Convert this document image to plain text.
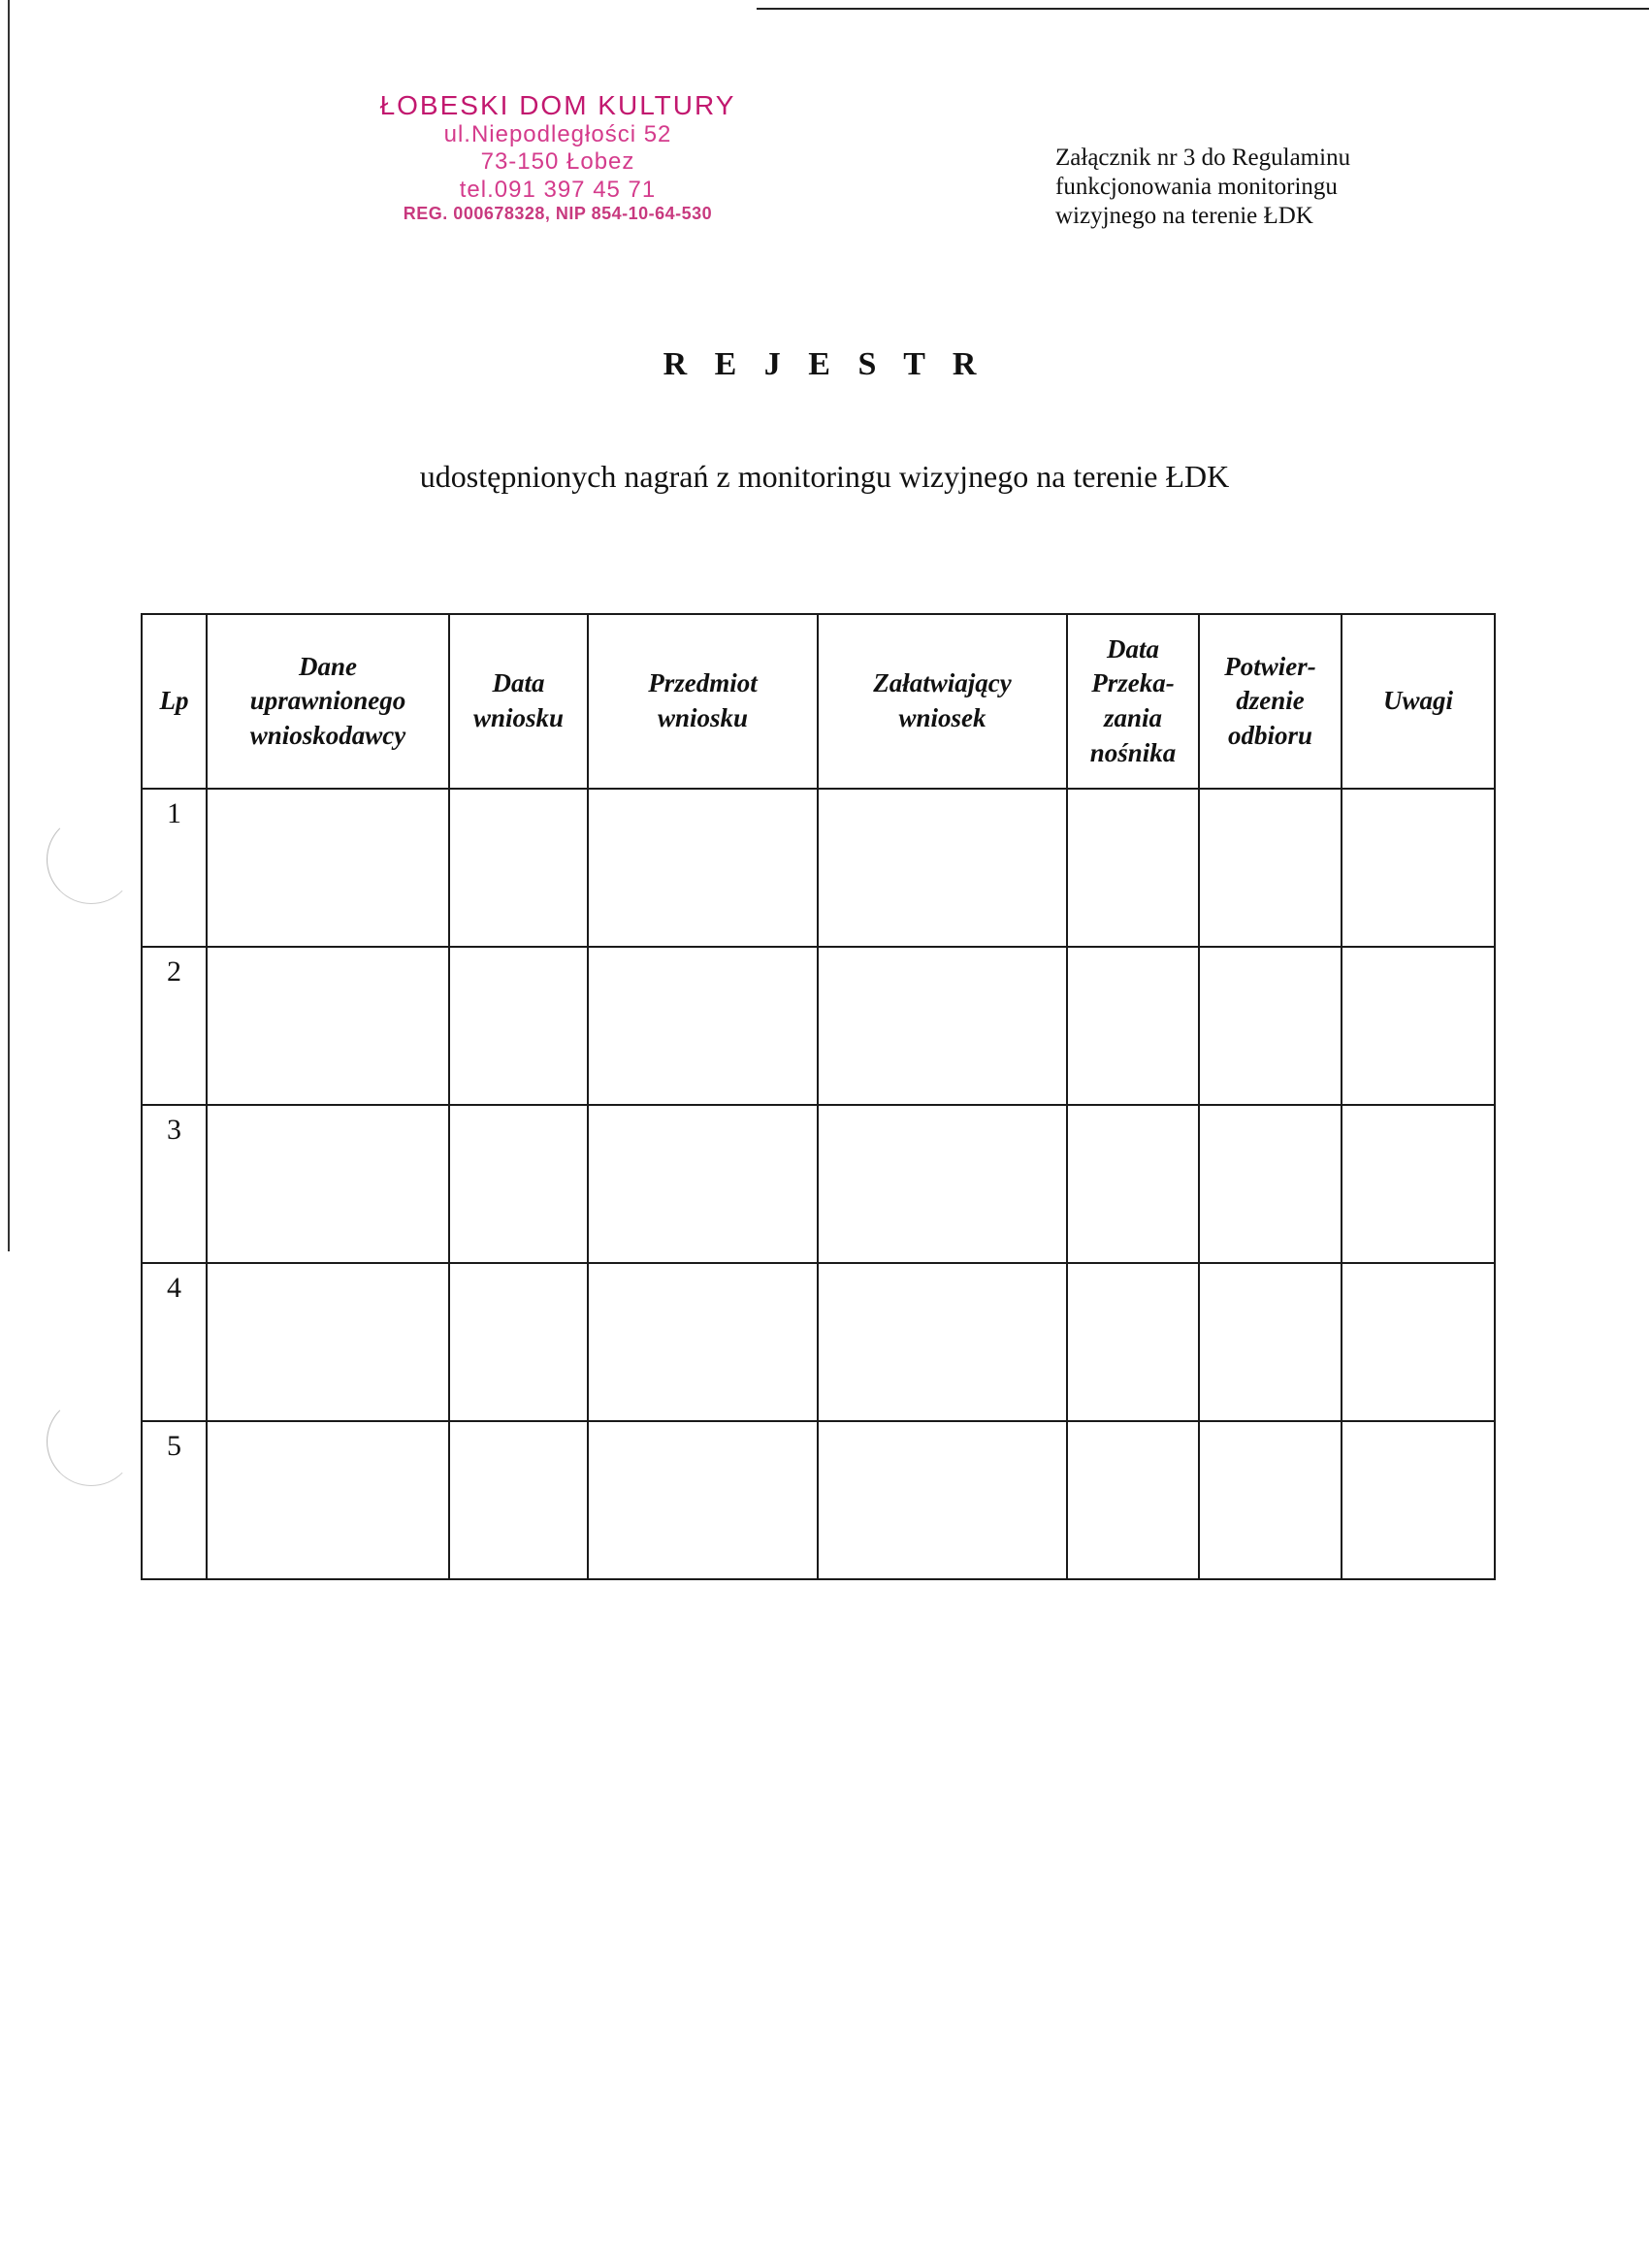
ŁOBESKI DOM KULTURY
ul.Niepodległości 52
73-150 Łobez
tel.091 397 45 71
REG. 000678328, NIP 854-10-64-530
Załącznik nr 3 do Regulaminu
funkcjonowania monitoringu
wizyjnego na terenie ŁDK
R E J E S T R
udostępnionych nagrań z monitoringu wizyjnego na terenie ŁDK
Lp	Dane
uprawnionego
wnioskodawcy	Data
wniosku	Przedmiot
wniosku	Załatwiający
wniosek	Data
Przeka-
zania
nośnika	Potwier-
dzenie
odbioru	Uwagi

1							
2							
3							
4							
5							
